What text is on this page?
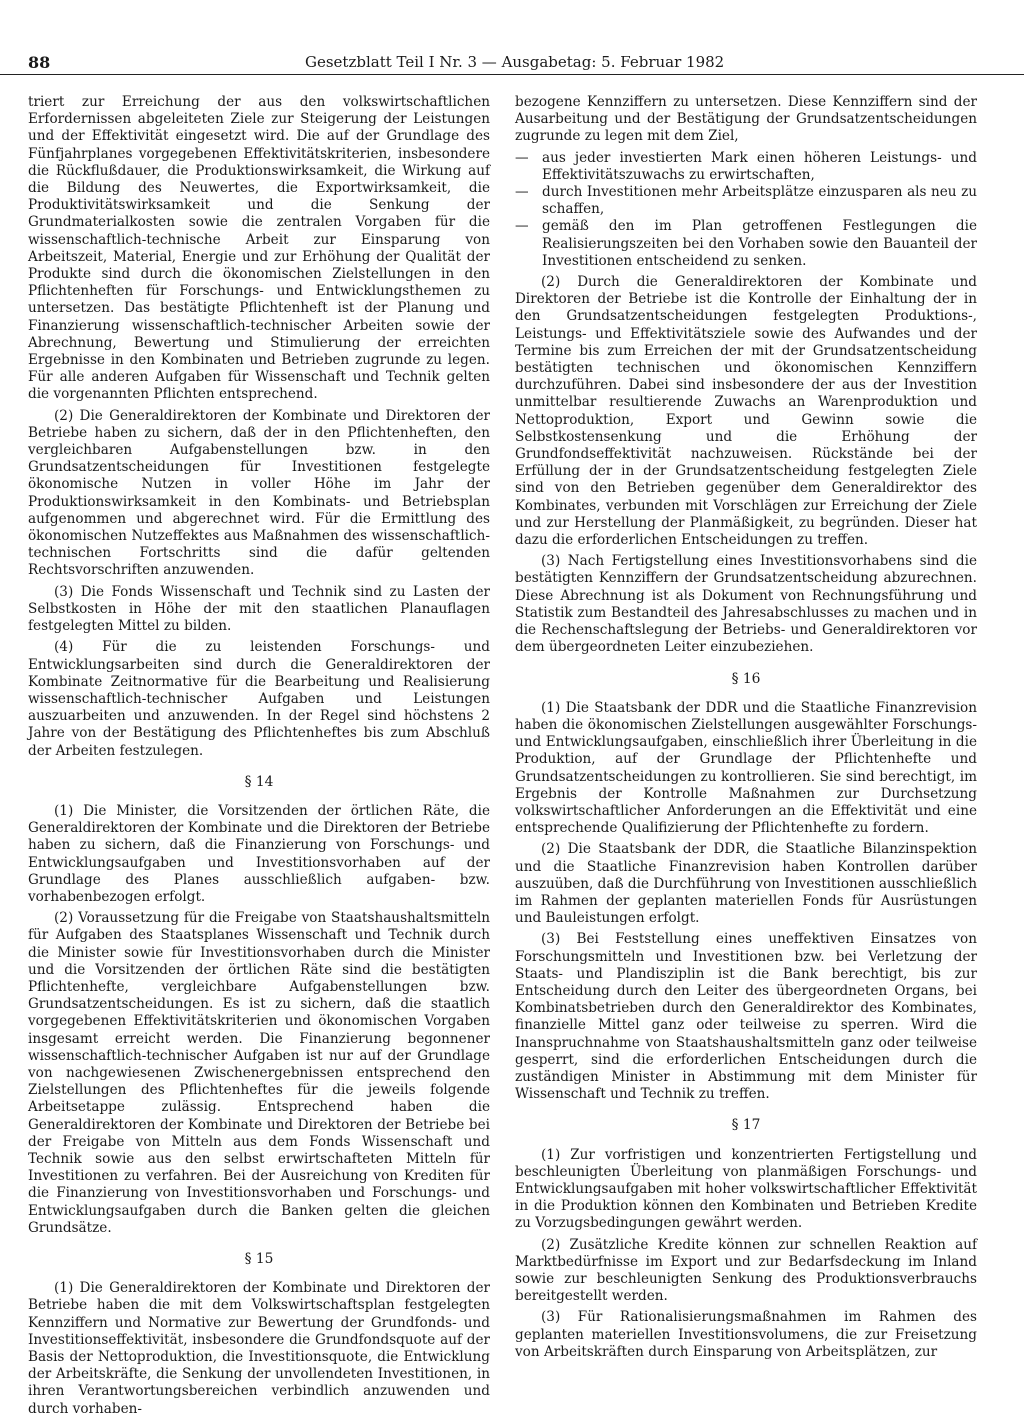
88	Gesetzblatt Teil I Nr. 3 — Ausgabetag: 5. Februar 1982

triert zur Erreichung der aus den volkswirtschaftlichen Erfordernissen abgeleiteten Ziele zur Steigerung der Leistungen und der Effektivität eingesetzt wird. Die auf der Grundlage des Fünfjahrplanes vorgegebenen Effektivitätskriterien, insbesondere die Rückflußdauer, die Produktionswirksamkeit, die Wirkung auf die Bildung des Neuwertes, die Exportwirksamkeit, die Produktivitätswirksamkeit und die Senkung der Grundmaterialkosten sowie die zentralen Vorgaben für die wissenschaftlich-technische Arbeit zur Einsparung von Arbeitszeit, Material, Energie und zur Erhöhung der Qualität der Produkte sind durch die ökonomischen Zielstellungen in den Pflichtenheften für Forschungs- und Entwicklungsthemen zu untersetzen. Das bestätigte Pflichtenheft ist der Planung und Finanzierung wissenschaftlich-technischer Arbeiten sowie der Abrechnung, Bewertung und Stimulierung der erreichten Ergebnisse in den Kombinaten und Betrieben zugrunde zu legen. Für alle anderen Aufgaben für Wissenschaft und Technik gelten die vorgenannten Pflichten entsprechend.

(2) Die Generaldirektoren der Kombinate und Direktoren der Betriebe haben zu sichern, daß der in den Pflichtenheften, den vergleichbaren Aufgabenstellungen bzw. in den Grundsatzentscheidungen für Investitionen festgelegte ökonomische Nutzen in voller Höhe im Jahr der Produktionswirksamkeit in den Kombinats- und Betriebsplan aufgenommen und abgerechnet wird. Für die Ermittlung des ökonomischen Nutzeffektes aus Maßnahmen des wissenschaftlich-technischen Fortschritts sind die dafür geltenden Rechtsvorschriften anzuwenden.

(3) Die Fonds Wissenschaft und Technik sind zu Lasten der Selbstkosten in Höhe der mit den staatlichen Planauflagen festgelegten Mittel zu bilden.

(4) Für die zu leistenden Forschungs- und Entwicklungsarbeiten sind durch die Generaldirektoren der Kombinate Zeitnormative für die Bearbeitung und Realisierung wissenschaftlich-technischer Aufgaben und Leistungen auszuarbeiten und anzuwenden. In der Regel sind höchstens 2 Jahre von der Bestätigung des Pflichtenheftes bis zum Abschluß der Arbeiten festzulegen.

§ 14

(1) Die Minister, die Vorsitzenden der örtlichen Räte, die Generaldirektoren der Kombinate und die Direktoren der Betriebe haben zu sichern, daß die Finanzierung von Forschungs- und Entwicklungsaufgaben und Investitionsvorhaben auf der Grundlage des Planes ausschließlich aufgaben- bzw. vorhabenbezogen erfolgt.

(2) Voraussetzung für die Freigabe von Staatshaushaltsmitteln für Aufgaben des Staatsplanes Wissenschaft und Technik durch die Minister sowie für Investitionsvorhaben durch die Minister und die Vorsitzenden der örtlichen Räte sind die bestätigten Pflichtenhefte, vergleichbare Aufgabenstellungen bzw. Grundsatzentscheidungen. Es ist zu sichern, daß die staatlich vorgegebenen Effektivitätskriterien und ökonomischen Vorgaben insgesamt erreicht werden. Die Finanzierung begonnener wissenschaftlich-technischer Aufgaben ist nur auf der Grundlage von nachgewiesenen Zwischenergebnissen entsprechend den Zielstellungen des Pflichtenheftes für die jeweils folgende Arbeitsetappe zulässig. Entsprechend haben die Generaldirektoren der Kombinate und Direktoren der Betriebe bei der Freigabe von Mitteln aus dem Fonds Wissenschaft und Technik sowie aus den selbst erwirtschafteten Mitteln für Investitionen zu verfahren. Bei der Ausreichung von Krediten für die Finanzierung von Investitionsvorhaben und Forschungs- und Entwicklungsaufgaben durch die Banken gelten die gleichen Grundsätze.

§ 15

(1) Die Generaldirektoren der Kombinate und Direktoren der Betriebe haben die mit dem Volkswirtschaftsplan festgelegten Kennziffern und Normative zur Bewertung der Grundfonds- und Investitionseffektivität, insbesondere die Grundfondsquote auf der Basis der Nettoproduktion, die Investitionsquote, die Entwicklung der Arbeitskräfte, die Senkung der unvollendeten Investitionen, in ihren Verantwortungsbereichen verbindlich anzuwenden und durch vorhaben-

bezogene Kennziffern zu untersetzen. Diese Kennziffern sind der Ausarbeitung und der Bestätigung der Grundsatzentscheidungen zugrunde zu legen mit dem Ziel,

— aus jeder investierten Mark einen höheren Leistungs- und Effektivitätszuwachs zu erwirtschaften,
— durch Investitionen mehr Arbeitsplätze einzusparen als neu zu schaffen,
— gemäß den im Plan getroffenen Festlegungen die Realisierungszeiten bei den Vorhaben sowie den Bauanteil der Investitionen entscheidend zu senken.

(2) Durch die Generaldirektoren der Kombinate und Direktoren der Betriebe ist die Kontrolle der Einhaltung der in den Grundsatzentscheidungen festgelegten Produktions-, Leistungs- und Effektivitätsziele sowie des Aufwandes und der Termine bis zum Erreichen der mit der Grundsatzentscheidung bestätigten technischen und ökonomischen Kennziffern durchzuführen. Dabei sind insbesondere der aus der Investition unmittelbar resultierende Zuwachs an Warenproduktion und Nettoproduktion, Export und Gewinn sowie die Selbstkostensenkung und die Erhöhung der Grundfondseffektivität nachzuweisen. Rückstände bei der Erfüllung der in der Grundsatzentscheidung festgelegten Ziele sind von den Betrieben gegenüber dem Generaldirektor des Kombinates, verbunden mit Vorschlägen zur Erreichung der Ziele und zur Herstellung der Planmäßigkeit, zu begründen. Dieser hat dazu die erforderlichen Entscheidungen zu treffen.

(3) Nach Fertigstellung eines Investitionsvorhabens sind die bestätigten Kennziffern der Grundsatzentscheidung abzurechnen. Diese Abrechnung ist als Dokument von Rechnungsführung und Statistik zum Bestandteil des Jahresabschlusses zu machen und in die Rechenschaftslegung der Betriebs- und Generaldirektoren vor dem übergeordneten Leiter einzubeziehen.

§ 16

(1) Die Staatsbank der DDR und die Staatliche Finanzrevision haben die ökonomischen Zielstellungen ausgewählter Forschungs- und Entwicklungsaufgaben, einschließlich ihrer Überleitung in die Produktion, auf der Grundlage der Pflichtenhefte und Grundsatzentscheidungen zu kontrollieren. Sie sind berechtigt, im Ergebnis der Kontrolle Maßnahmen zur Durchsetzung volkswirtschaftlicher Anforderungen an die Effektivität und eine entsprechende Qualifizierung der Pflichtenhefte zu fordern.

(2) Die Staatsbank der DDR, die Staatliche Bilanzinspektion und die Staatliche Finanzrevision haben Kontrollen darüber auszuüben, daß die Durchführung von Investitionen ausschließlich im Rahmen der geplanten materiellen Fonds für Ausrüstungen und Bauleistungen erfolgt.

(3) Bei Feststellung eines uneffektiven Einsatzes von Forschungsmitteln und Investitionen bzw. bei Verletzung der Staats- und Plandisziplin ist die Bank berechtigt, bis zur Entscheidung durch den Leiter des übergeordneten Organs, bei Kombinatsbetrieben durch den Generaldirektor des Kombinates, finanzielle Mittel ganz oder teilweise zu sperren. Wird die Inanspruchnahme von Staatshaushaltsmitteln ganz oder teilweise gesperrt, sind die erforderlichen Entscheidungen durch die zuständigen Minister in Abstimmung mit dem Minister für Wissenschaft und Technik zu treffen.

§ 17

(1) Zur vorfristigen und konzentrierten Fertigstellung und beschleunigten Überleitung von planmäßigen Forschungs- und Entwicklungsaufgaben mit hoher volkswirtschaftlicher Effektivität in die Produktion können den Kombinaten und Betrieben Kredite zu Vorzugsbedingungen gewährt werden.

(2) Zusätzliche Kredite können zur schnellen Reaktion auf Marktbedürfnisse im Export und zur Bedarfsdeckung im Inland sowie zur beschleunigten Senkung des Produktionsverbrauchs bereitgestellt werden.

(3) Für Rationalisierungsmaßnahmen im Rahmen des geplanten materiellen Investitionsvolumens, die zur Freisetzung von Arbeitskräften durch Einsparung von Arbeitsplätzen, zur
